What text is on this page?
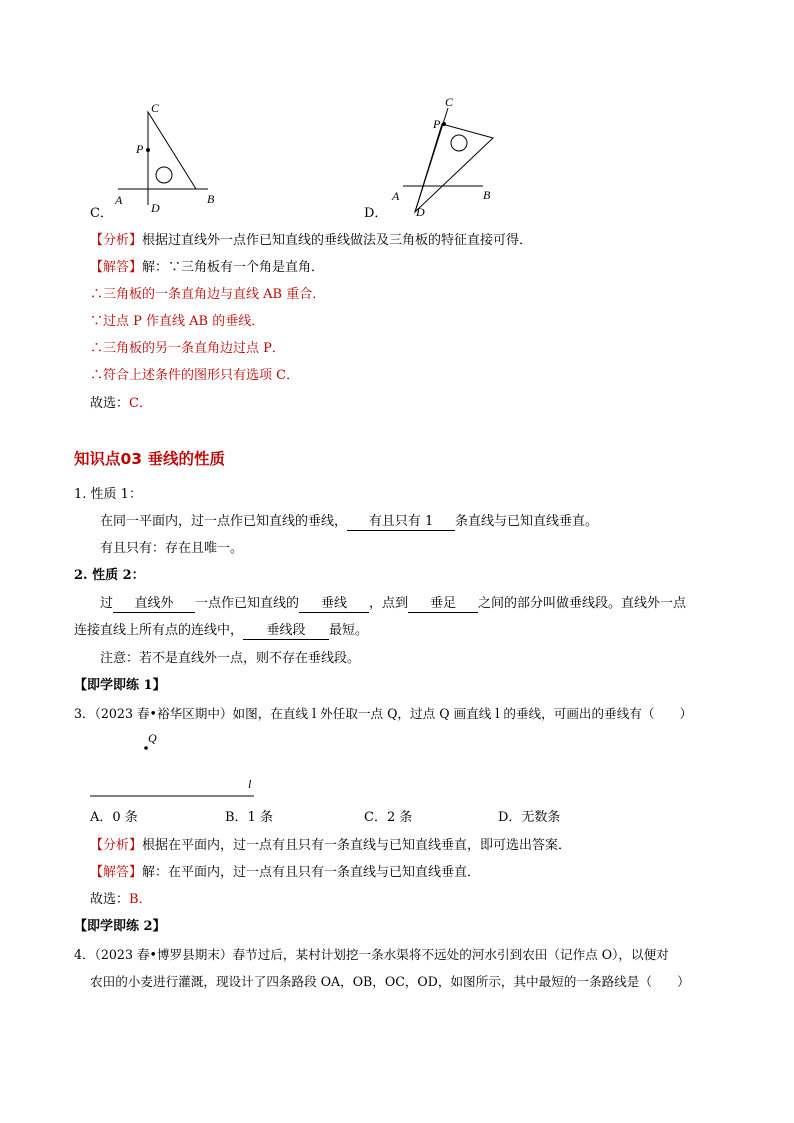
C
P
A
D
B
C．
C
P
A
D
B
D．
【分析】根据过直线外一点作已知直线的垂线做法及三角板的特征直接可得．
【解答】解：∵三角板有一个角是直角．
∴三角板的一条直角边与直线 AB 重合．
∵过点 P 作直线 AB 的垂线．
∴三角板的另一条直角边过点 P．
∴符合上述条件的图形只有选项 C．
故选：C．
知识点03 垂线的性质
1. 性质 1：
在同一平面内，过一点作已知直线的垂线， 有且只有 1 条直线与已知直线垂直。
有且只有：存在且唯一。
2. 性质 2：
过 直线外 一点作已知直线的 垂线 ，点到 垂足 之间的部分叫做垂线段。直线外一点
连接直线上所有点的连线中， 垂线段 最短。
注意：若不是直线外一点，则不存在垂线段。
【即学即练 1】
3．（2023 春•裕华区期中）如图，在直线 l 外任取一点 Q，过点 Q 画直线 l 的垂线，可画出的垂线有（　　）
Q
l
A．0 条	B．1 条	C．2 条	D．无数条
【分析】根据在平面内，过一点有且只有一条直线与已知直线垂直，即可选出答案．
【解答】解：在平面内，过一点有且只有一条直线与已知直线垂直．
故选：B．
【即学即练 2】
4．（2023 春•博罗县期末）春节过后，某村计划挖一条水渠将不远处的河水引到农田（记作点 O），以便对
农田的小麦进行灌溉，现设计了四条路段 OA，OB，OC，OD，如图所示，其中最短的一条路线是（　　）
